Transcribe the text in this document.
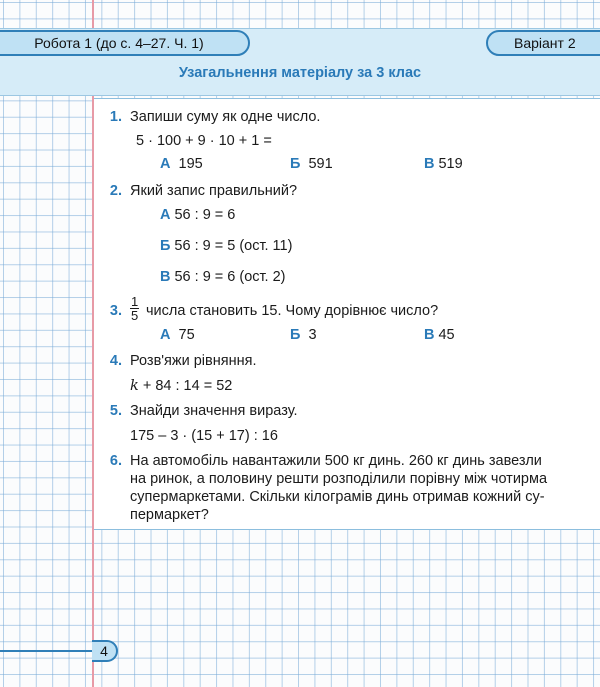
Робота 1 (до с. 4–27. Ч. 1)	Варіант 2
Узагальнення матеріалу за 3 клас
1. Запиши суму як одне число.
5 · 100 + 9 · 10 + 1 =
А 195	Б 591	В 519
2. Який запис правильний?
А 56 : 9 = 6
Б 56 : 9 = 5 (ост. 11)
В 56 : 9 = 6 (ост. 2)
3. $\frac{1}{5}$ числа становить 15. Чому дорівнює число?
А 75	Б 3	В 45
4. Розв'яжи рівняння.
k + 84 : 14 = 52
5. Знайди значення виразу.
175 – 3 · (15 + 17) : 16
6. На автомобіль навантажили 500 кг динь. 260 кг динь завезли
на ринок, а половину решти розподілили порівну між чотирма
супермаркетами. Скільки кілограмів динь отримав кожний су-
пермаркет?
4
